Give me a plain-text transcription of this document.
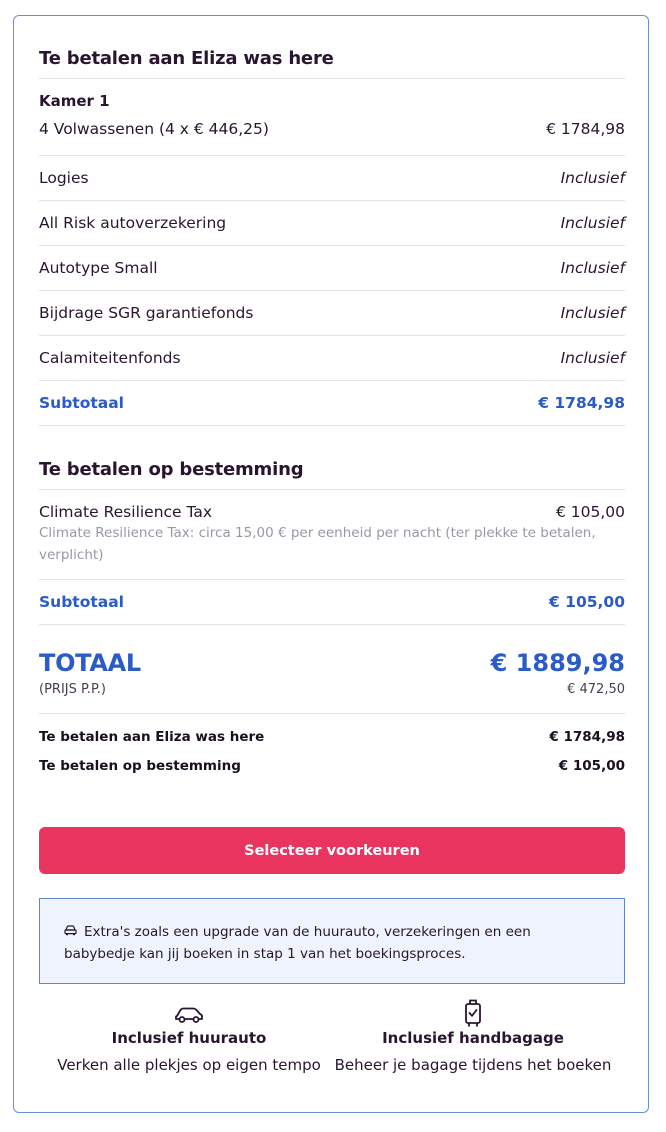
Te betalen aan Eliza was here
Kamer 1
4 Volwassenen (4 x € 446,25)	€ 1784,98
Logies	Inclusief
All Risk autoverzekering	Inclusief
Autotype Small	Inclusief
Bijdrage SGR garantiefonds	Inclusief
Calamiteitenfonds	Inclusief
Subtotaal	€ 1784,98
Te betalen op bestemming
Climate Resilience Tax	€ 105,00
Climate Resilience Tax: circa 15,00 € per eenheid per nacht (ter plekke te betalen, verplicht)
Subtotaal	€ 105,00
TOTAAL	€ 1889,98
(PRIJS P.P.)	€ 472,50
Te betalen aan Eliza was here	€ 1784,98
Te betalen op bestemming	€ 105,00
Selecteer voorkeuren
Extra's zoals een upgrade van de huurauto, verzekeringen en een babybedje kan jij boeken in stap 1 van het boekingsproces.
Inclusief huurauto
Verken alle plekjes op eigen tempo
Inclusief handbagage
Beheer je bagage tijdens het boeken
